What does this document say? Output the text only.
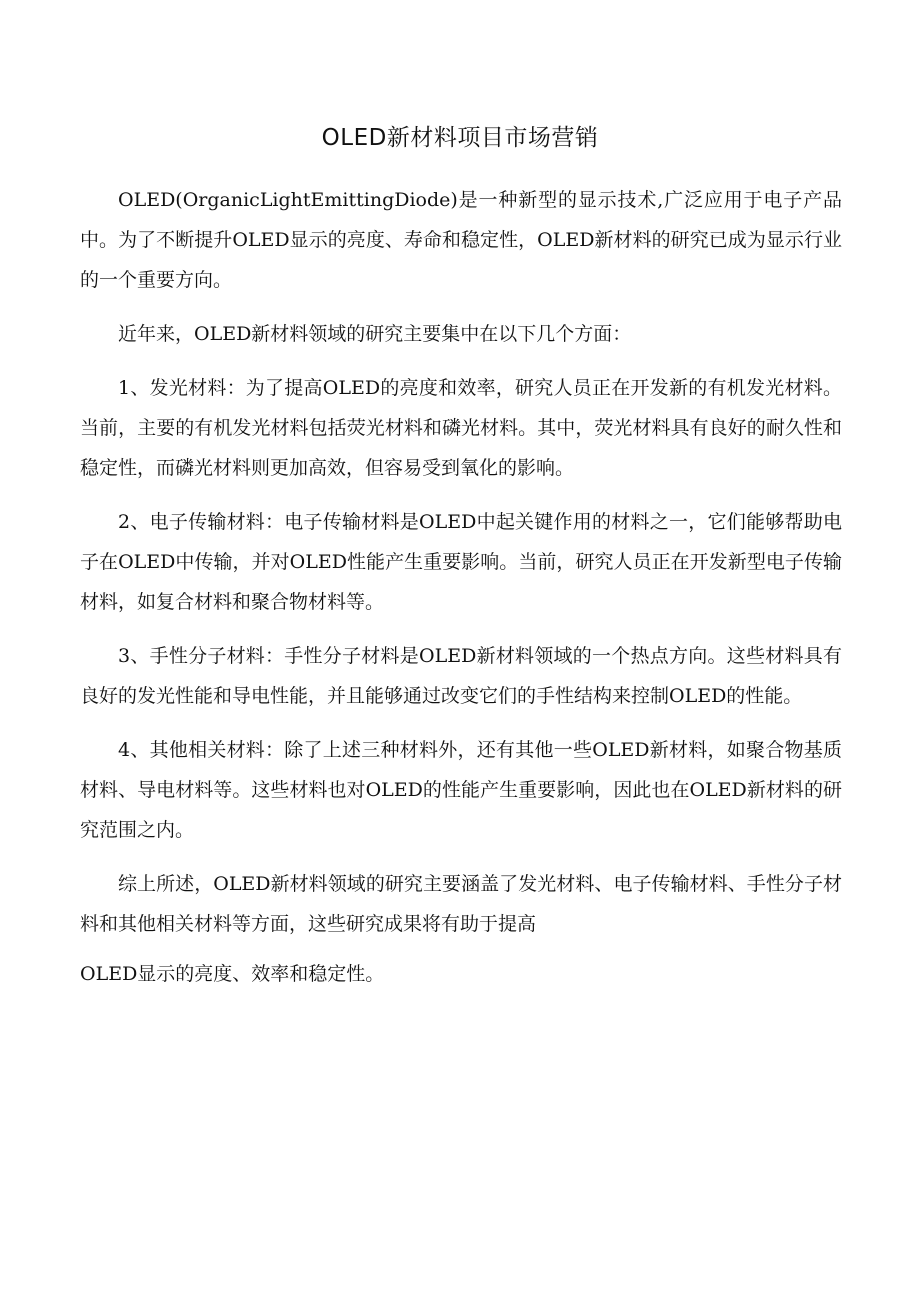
OLED新材料项目市场营销

OLED(OrganicLightEmittingDiode)是一种新型的显示技术,广泛应用于电子产品中。为了不断提升OLED显示的亮度、寿命和稳定性，OLED新材料的研究已成为显示行业的一个重要方向。

近年来，OLED新材料领域的研究主要集中在以下几个方面：

1、发光材料：为了提高OLED的亮度和效率，研究人员正在开发新的有机发光材料。当前，主要的有机发光材料包括荧光材料和磷光材料。其中，荧光材料具有良好的耐久性和稳定性，而磷光材料则更加高效，但容易受到氧化的影响。

2、电子传输材料：电子传输材料是OLED中起关键作用的材料之一，它们能够帮助电子在OLED中传输，并对OLED性能产生重要影响。当前，研究人员正在开发新型电子传输材料，如复合材料和聚合物材料等。

3、手性分子材料：手性分子材料是OLED新材料领域的一个热点方向。这些材料具有良好的发光性能和导电性能，并且能够通过改变它们的手性结构来控制OLED的性能。

4、其他相关材料：除了上述三种材料外，还有其他一些OLED新材料，如聚合物基质材料、导电材料等。这些材料也对OLED的性能产生重要影响，因此也在OLED新材料的研究范围之内。

综上所述，OLED新材料领域的研究主要涵盖了发光材料、电子传输材料、手性分子材料和其他相关材料等方面，这些研究成果将有助于提高

OLED显示的亮度、效率和稳定性。
